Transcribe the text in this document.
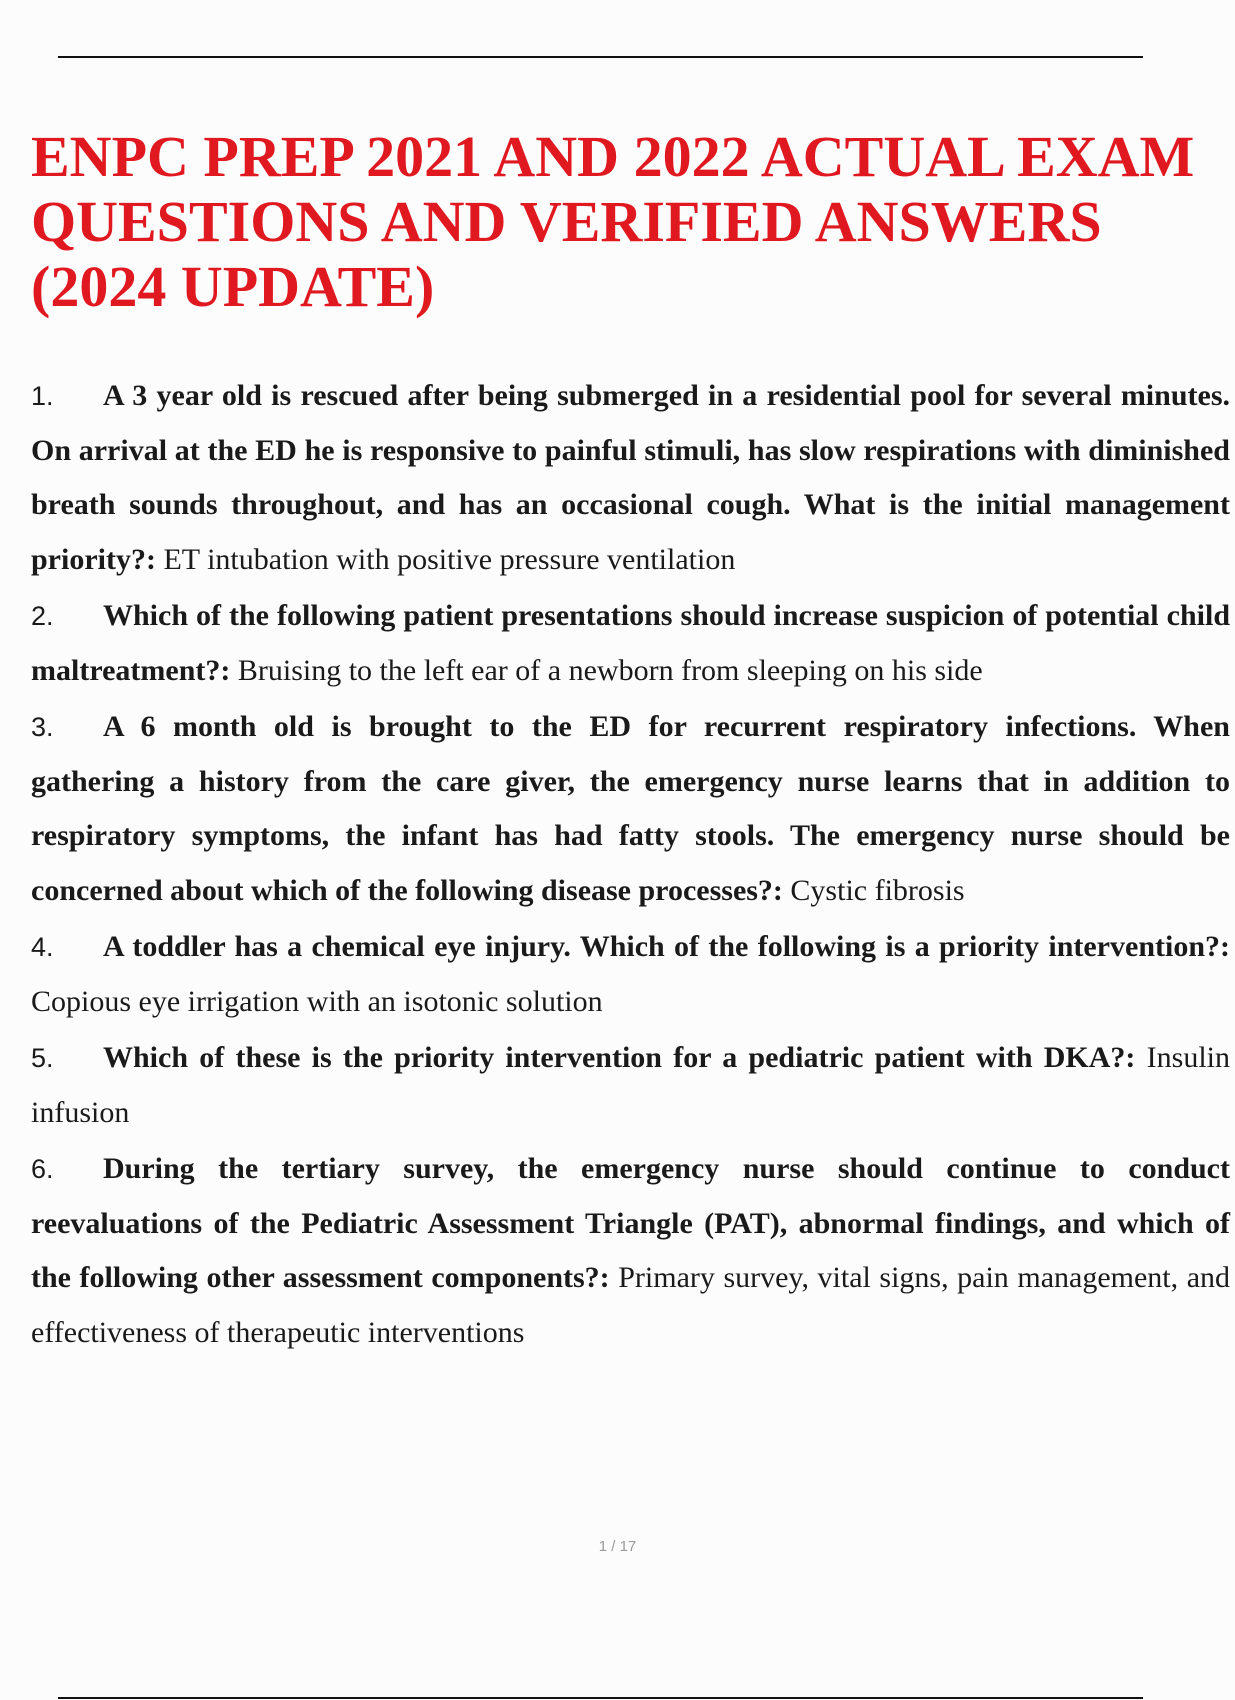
ENPC PREP 2021 AND 2022 ACTUAL EXAM
QUESTIONS AND VERIFIED ANSWERS
(2024 UPDATE)
1. A 3 year old is rescued after being submerged in a residential pool for several minutes. On arrival at the ED he is responsive to painful stimuli, has slow respirations with diminished breath sounds throughout, and has an occasional cough. What is the initial management priority?: ET intubation with positive pressure ventilation
2. Which of the following patient presentations should increase suspicion of potential child maltreatment?: Bruising to the left ear of a newborn from sleeping on his side
3. A 6 month old is brought to the ED for recurrent respiratory infections. When gathering a history from the care giver, the emergency nurse learns that in addition to respiratory symptoms, the infant has had fatty stools. The emergency nurse should be concerned about which of the following disease processes?: Cystic fibrosis
4. A toddler has a chemical eye injury. Which of the following is a priority intervention?: Copious eye irrigation with an isotonic solution
5. Which of these is the priority intervention for a pediatric patient with DKA?: Insulin infusion
6. During the tertiary survey, the emergency nurse should continue to conduct reevaluations of the Pediatric Assessment Triangle (PAT), abnormal findings, and which of the following other assessment components?: Primary survey, vital signs, pain management, and effectiveness of therapeutic interventions
1 / 17
